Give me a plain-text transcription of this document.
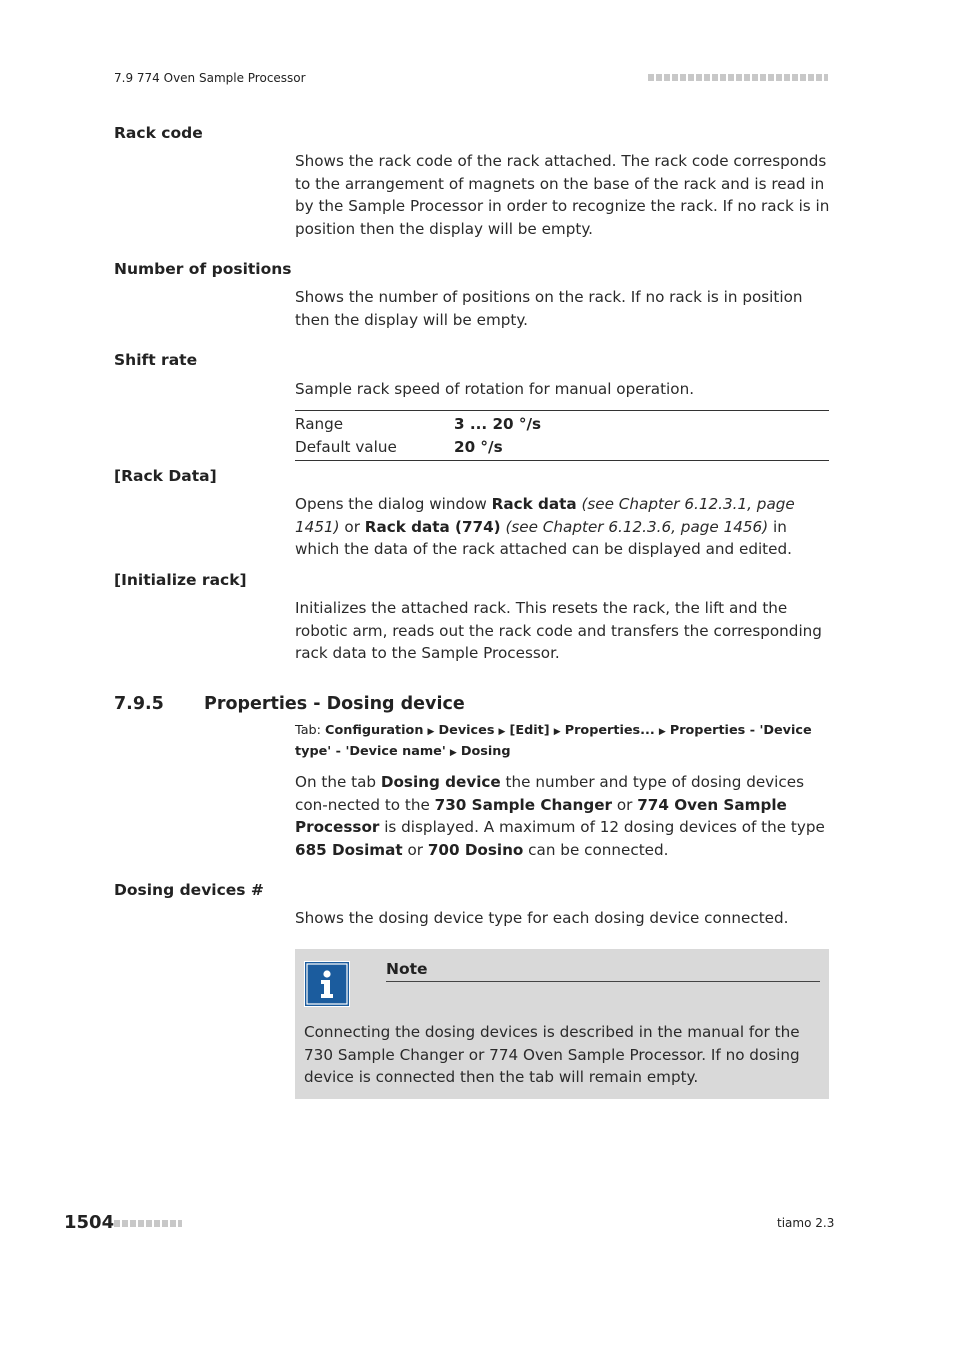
7.9 774 Oven Sample Processor
Rack code
Shows the rack code of the rack attached. The rack code corresponds to the arrangement of magnets on the base of the rack and is read in by the Sample Processor in order to recognize the rack. If no rack is in position then the display will be empty.
Number of positions
Shows the number of positions on the rack. If no rack is in position then the display will be empty.
Shift rate
Sample rack speed of rotation for manual operation.
Range	3 ... 20 °/s
Default value	20 °/s
[Rack Data]
Opens the dialog window Rack data (see Chapter 6.12.3.1, page 1451) or Rack data (774) (see Chapter 6.12.3.6, page 1456) in which the data of the rack attached can be displayed and edited.
[Initialize rack]
Initializes the attached rack. This resets the rack, the lift and the robotic arm, reads out the rack code and transfers the corresponding rack data to the Sample Processor.
7.9.5 Properties - Dosing device
Tab: Configuration ▶ Devices ▶ [Edit] ▶ Properties... ▶ Properties - 'Device type' - 'Device name' ▶ Dosing
On the tab Dosing device the number and type of dosing devices con-nected to the 730 Sample Changer or 774 Oven Sample Processor is displayed. A maximum of 12 dosing devices of the type 685 Dosimat or 700 Dosino can be connected.
Dosing devices #
Shows the dosing device type for each dosing device connected.
Note
Connecting the dosing devices is described in the manual for the 730 Sample Changer or 774 Oven Sample Processor. If no dosing device is connected then the tab will remain empty.
1504	tiamo 2.3
